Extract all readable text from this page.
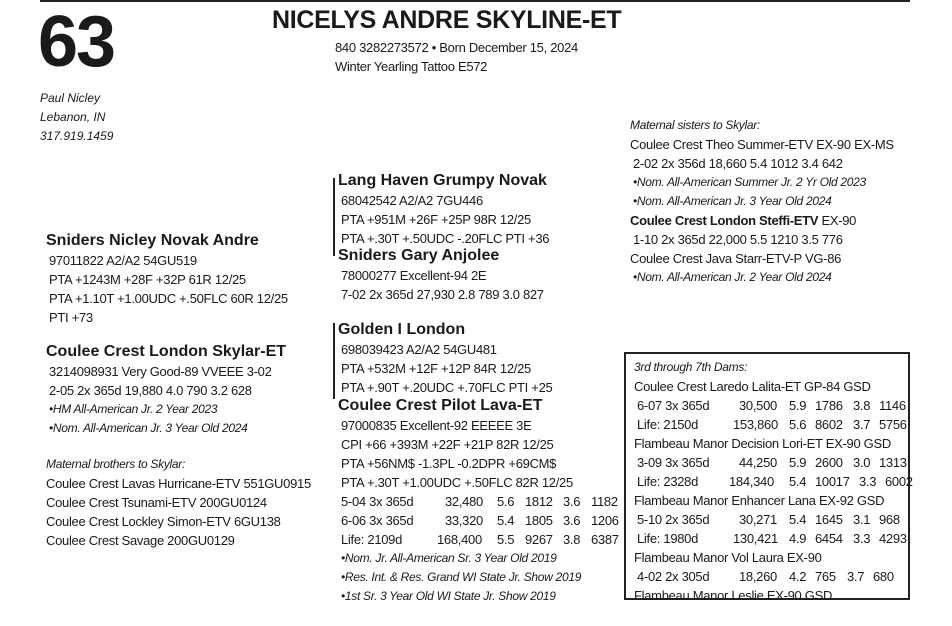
63	NICELYS ANDRE SKYLINE-ET
840 3282273572 • Born December 15, 2024
Winter Yearling Tattoo E572
Paul Nicley
Lebanon, IN
317.919.1459
Sniders Nicley Novak Andre
97011822 A2/A2 54GU519
PTA +1243M +28F +32P 61R 12/25
PTA +1.10T +1.00UDC +.50FLC 60R 12/25
PTI +73
Coulee Crest London Skylar-ET
3214098931 Very Good-89 VVEEE 3-02
2-05 2x 365d 19,880 4.0 790 3.2 628
•HM All-American Jr. 2 Year 2023
•Nom. All-American Jr. 3 Year Old 2024
Maternal brothers to Skylar:
Coulee Crest Lavas Hurricane-ETV 551GU0915
Coulee Crest Tsunami-ETV 200GU0124
Coulee Crest Lockley Simon-ETV 6GU138
Coulee Crest Savage 200GU0129
Lang Haven Grumpy Novak
68042542 A2/A2 7GU446
PTA +951M +26F +25P 98R 12/25
PTA +.30T +.50UDC -.20FLC PTI +36
Sniders Gary Anjolee
78000277 Excellent-94 2E
7-02 2x 365d 27,930 2.8 789 3.0 827
Golden I London
698039423 A2/A2 54GU481
PTA +532M +12F +12P 84R 12/25
PTA +.90T +.20UDC +.70FLC PTI +25
Coulee Crest Pilot Lava-ET
97000835 Excellent-92 EEEEE 3E
CPI +66 +393M +22F +21P 82R 12/25
PTA +56NM$ -1.3PL -0.2DPR +69CM$
PTA +.30T +1.00UDC +.50FLC 82R 12/25
5-04 3x 365d	32,480	5.6 1812 3.6 1182
6-06 3x 365d	33,320	5.4 1805 3.6 1206
Life: 2109d	168,400	5.5 9267 3.8 6387
•Nom. Jr. All-American Sr. 3 Year Old 2019
•Res. Int. & Res. Grand WI State Jr. Show 2019
•1st Sr. 3 Year Old WI State Jr. Show 2019
Maternal sisters to Skylar:
Coulee Crest Theo Summer-ETV EX-90 EX-MS
2-02 2x 356d 18,660 5.4 1012 3.4 642
•Nom. All-American Summer Jr. 2 Yr Old 2023
•Nom. All-American Jr. 3 Year Old 2024
Coulee Crest London Steffi-ETV EX-90
1-10 2x 365d 22,000 5.5 1210 3.5 776
Coulee Crest Java Starr-ETV-P VG-86
•Nom. All-American Jr. 2 Year Old 2024
3rd through 7th Dams:
Coulee Crest Laredo Lalita-ET GP-84 GSD
6-07 3x 365d	30,500 5.9 1786 3.8 1146
Life: 2150d	153,860 5.6 8602 3.7 5756
Flambeau Manor Decision Lori-ET EX-90 GSD
3-09 3x 365d	44,250 5.9 2600 3.0 1313
Life: 2328d	184,340	5.4 10017 3.3 6002
Flambeau Manor Enhancer Lana EX-92 GSD
5-10 2x 365d	30,271 5.4 1645 3.1 968
Life: 1980d	130,421 4.9 6454 3.3 4293
Flambeau Manor Vol Laura EX-90
4-02 2x 305d	18,260 4.2 765 3.7 680
Flambeau Manor Leslie EX-90 GSD
